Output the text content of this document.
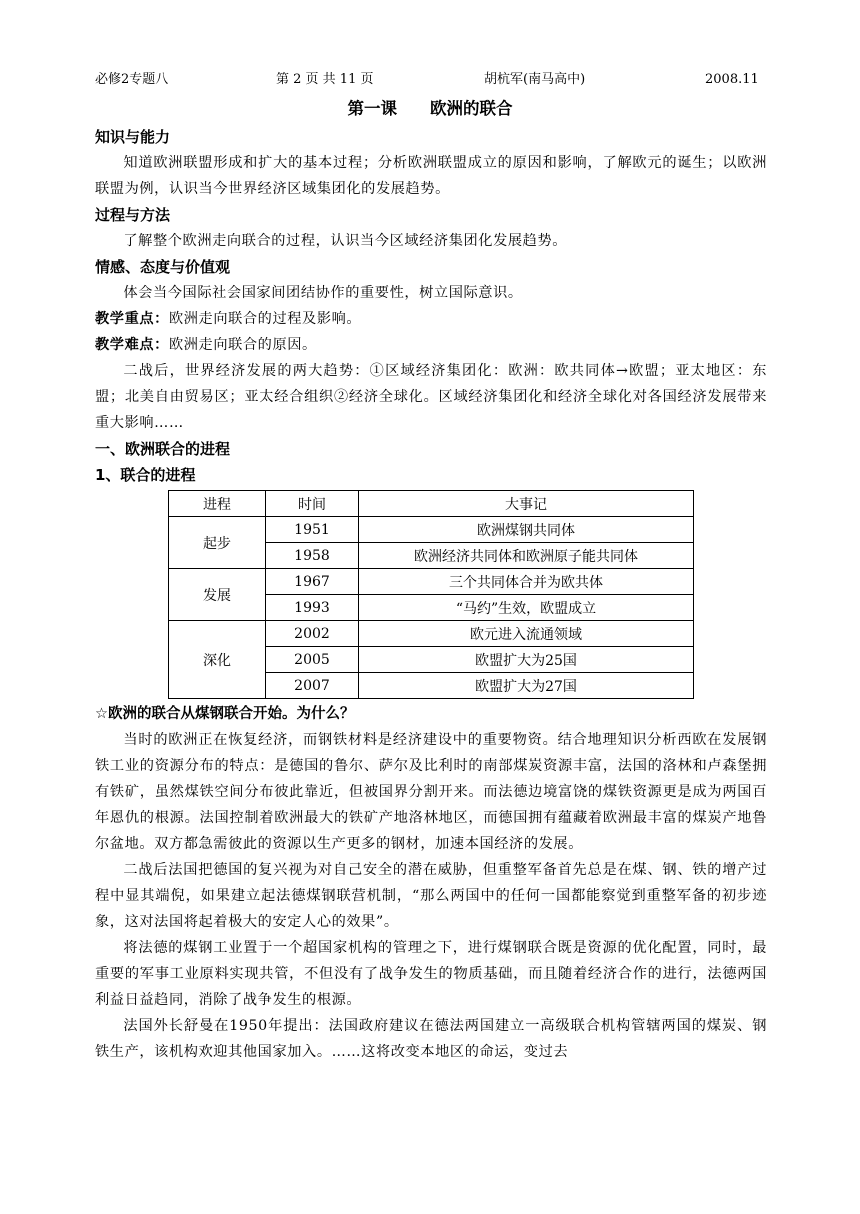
必修2专题八	第 2 页 共 11 页	胡杭军(南马高中)	2008.11
第一课　　欧洲的联合
知识与能力
知道欧洲联盟形成和扩大的基本过程；分析欧洲联盟成立的原因和影响，了解欧元的诞生；以欧洲联盟为例，认识当今世界经济区域集团化的发展趋势。
过程与方法
了解整个欧洲走向联合的过程，认识当今区域经济集团化发展趋势。
情感、态度与价值观
体会当今国际社会国家间团结协作的重要性，树立国际意识。
教学重点：欧洲走向联合的过程及影响。
教学难点：欧洲走向联合的原因。
二战后，世界经济发展的两大趋势：①区域经济集团化：欧洲：欧共同体→欧盟；亚太地区：东盟；北美自由贸易区；亚太经合组织②经济全球化。区域经济集团化和经济全球化对各国经济发展带来重大影响……
一、欧洲联合的进程
1、联合的进程
进程	时间	大事记
起步	1951	欧洲煤钢共同体
	1958	欧洲经济共同体和欧洲原子能共同体
发展	1967	三个共同体合并为欧共体
	1993	“马约”生效，欧盟成立
深化	2002	欧元进入流通领域
	2005	欧盟扩大为25国
	2007	欧盟扩大为27国
☆欧洲的联合从煤钢联合开始。为什么？
当时的欧洲正在恢复经济，而钢铁材料是经济建设中的重要物资。结合地理知识分析西欧在发展钢铁工业的资源分布的特点：是德国的鲁尔、萨尔及比利时的南部煤炭资源丰富，法国的洛林和卢森堡拥有铁矿，虽然煤铁空间分布彼此靠近，但被国界分割开来。而法德边境富饶的煤铁资源更是成为两国百年恩仇的根源。法国控制着欧洲最大的铁矿产地洛林地区，而德国拥有蕴藏着欧洲最丰富的煤炭产地鲁尔盆地。双方都急需彼此的资源以生产更多的钢材，加速本国经济的发展。
二战后法国把德国的复兴视为对自己安全的潜在威胁，但重整军备首先总是在煤、钢、铁的增产过程中显其端倪，如果建立起法德煤钢联营机制，“那么两国中的任何一国都能察觉到重整军备的初步迹象，这对法国将起着极大的安定人心的效果”。
将法德的煤钢工业置于一个超国家机构的管理之下，进行煤钢联合既是资源的优化配置，同时，最重要的军事工业原料实现共管，不但没有了战争发生的物质基础，而且随着经济合作的进行，法德两国利益日益趋同，消除了战争发生的根源。
法国外长舒曼在1950年提出：法国政府建议在德法两国建立一高级联合机构管辖两国的煤炭、钢铁生产，该机构欢迎其他国家加入。……这将改变本地区的命运，变过去
